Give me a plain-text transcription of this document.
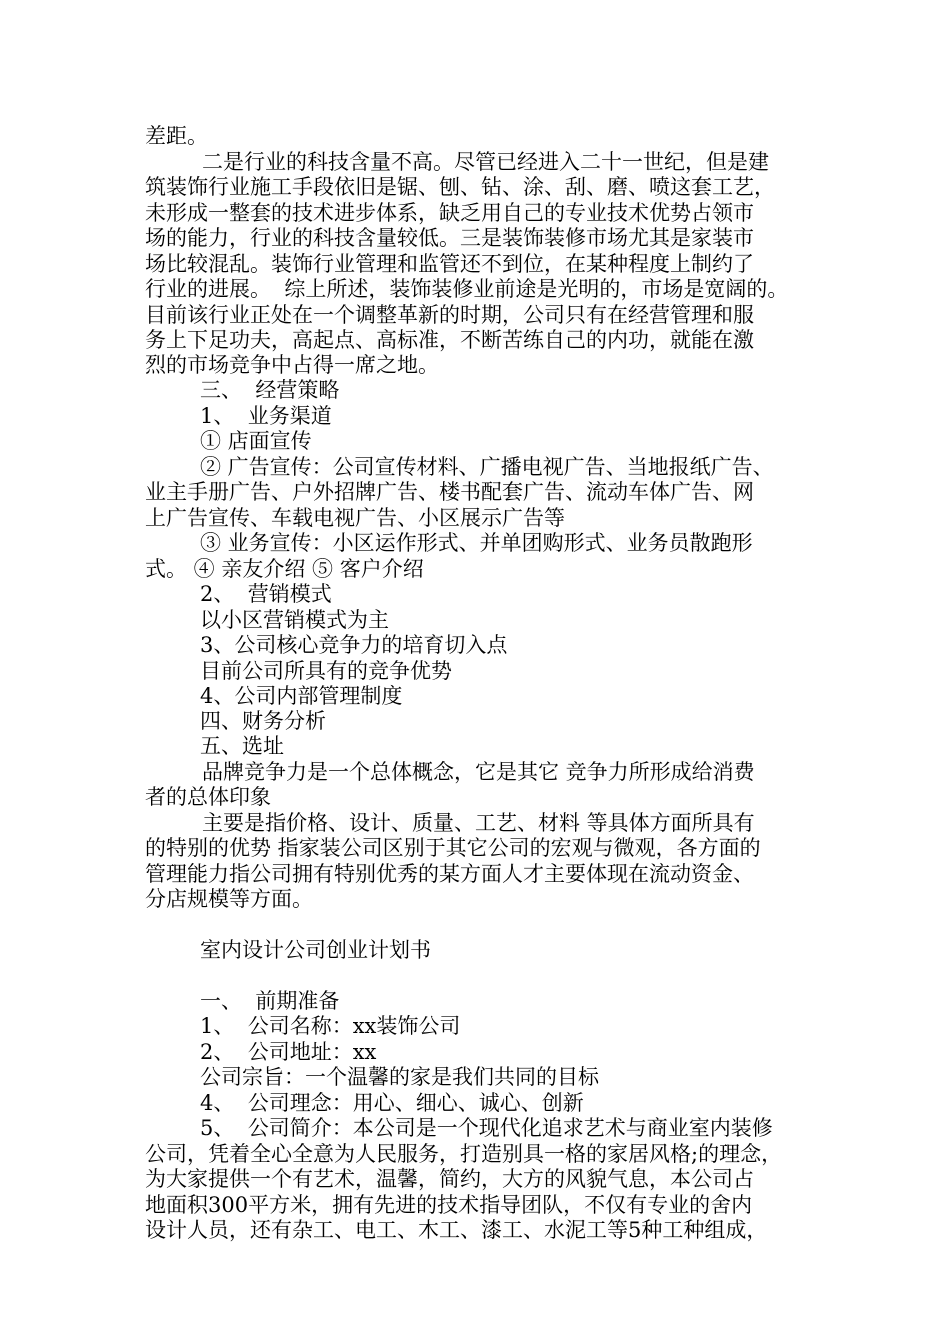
差距。

二是行业的科技含量不高。尽管已经进入二十一世纪，但是建

筑装饰行业施工手段依旧是锯、刨、钻、涂、刮、磨、喷这套工艺，

未形成一整套的技术进步体系，缺乏用自己的专业技术优势占领市

场的能力，行业的科技含量较低。三是装饰装修市场尤其是家装市

场比较混乱。装饰行业管理和监管还不到位，在某种程度上制约了

行业的进展。  综上所述，装饰装修业前途是光明的，市场是宽阔的。

目前该行业正处在一个调整革新的时期，公司只有在经营管理和服

务上下足功夫，高起点、高标准，不断苦练自己的内功，就能在激

烈的市场竞争中占得一席之地。

三、  经营策略

1、  业务渠道

① 店面宣传

② 广告宣传：公司宣传材料、广播电视广告、当地报纸广告、

业主手册广告、户外招牌广告、楼书配套广告、流动车体广告、网

上广告宣传、车载电视广告、小区展示广告等

③ 业务宣传：小区运作形式、并单团购形式、业务员散跑形

式。 ④ 亲友介绍 ⑤ 客户介绍

2、  营销模式

以小区营销模式为主

3、公司核心竞争力的培育切入点

目前公司所具有的竞争优势

4、公司内部管理制度

四、财务分析

五、选址

品牌竞争力是一个总体概念，它是其它 竞争力所形成给消费

者的总体印象

主要是指价格、设计、质量、工艺、材料 等具体方面所具有

的特别的优势 指家装公司区别于其它公司的宏观与微观，各方面的

管理能力指公司拥有特别优秀的某方面人才主要体现在流动资金、

分店规模等方面。

室内设计公司创业计划书

一、  前期准备

1、  公司名称：xx装饰公司

2、  公司地址：xx

公司宗旨：一个温馨的家是我们共同的目标

4、  公司理念：用心、细心、诚心、创新

5、  公司简介：本公司是一个现代化追求艺术与商业室内装修

公司，凭着全心全意为人民服务，打造别具一格的家居风格;的理念，

为大家提供一个有艺术，温馨，简约，大方的风貌气息，本公司占

地面积300平方米，拥有先进的技术指导团队，不仅有专业的舍内

设计人员，还有杂工、电工、木工、漆工、水泥工等5种工种组成，
